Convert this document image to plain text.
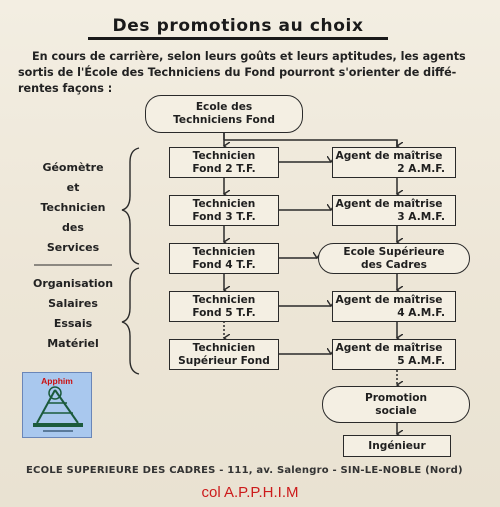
Des promotions au choix
En cours de carrière, selon leurs goûts et leurs aptitudes, les agents
sortis de l'École des Techniciens du Fond pourront s'orienter de diffé-
rentes façons :
Ecole des
Techniciens Fond
Technicien
Fond 2 T.F.
Technicien
Fond 3 T.F.
Technicien
Fond 4 T.F.
Technicien
Fond 5 T.F.
Technicien
Supérieur Fond
Agent de maîtrise
2 A.M.F.
Agent de maîtrise
3 A.M.F.
Ecole Supérieure
des Cadres
Agent de maîtrise
4 A.M.F.
Agent de maîtrise
5 A.M.F.
Promotion
sociale
Ingénieur
Géomètre
et
Technicien
des
Services
Organisation
Salaires
Essais
Matériel
Apphim
ECOLE SUPERIEURE DES CADRES - 111, av. Salengro - SIN-LE-NOBLE (Nord)
col A.P.P.H.I.M
